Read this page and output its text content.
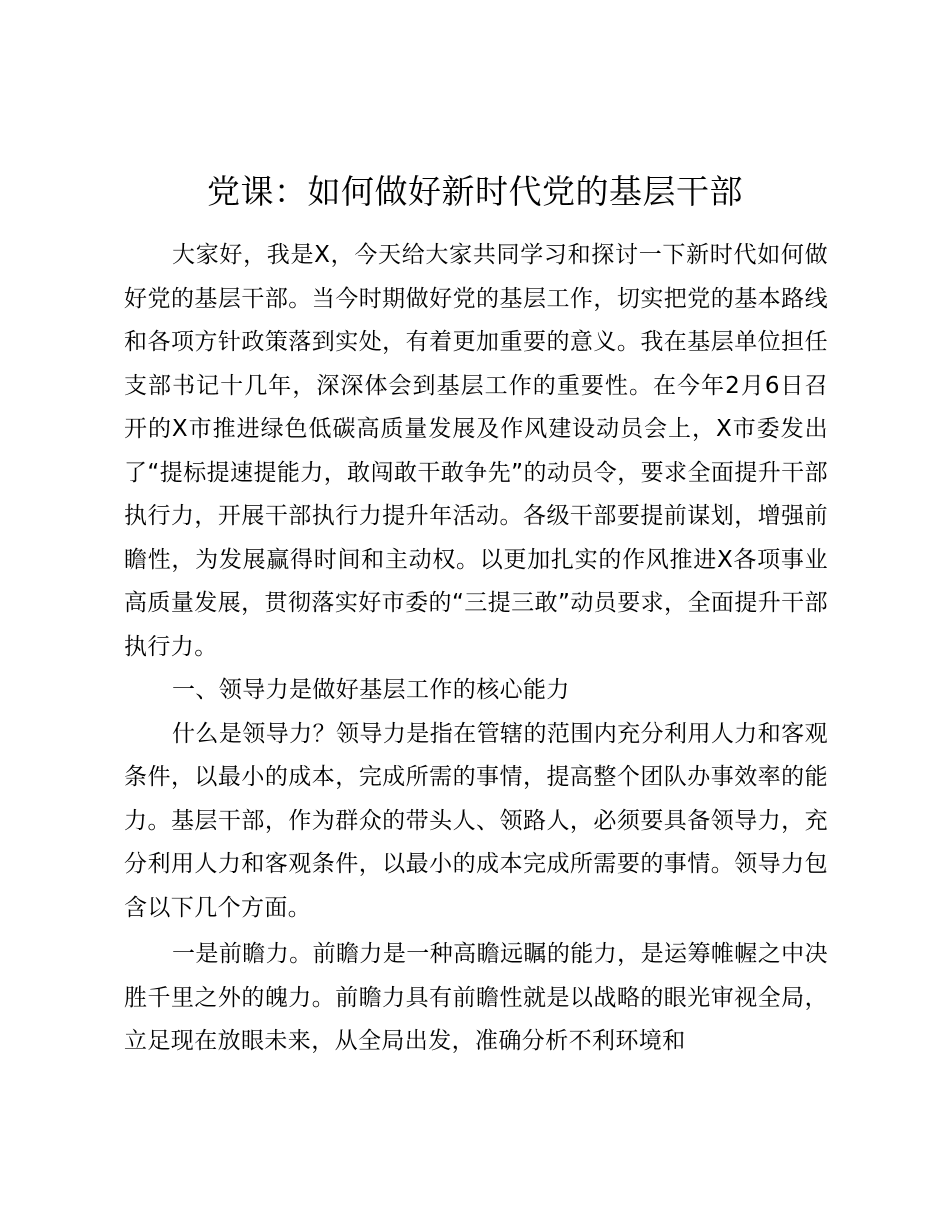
党课：如何做好新时代党的基层干部

大家好，我是X，今天给大家共同学习和探讨一下新时代如何做好党的基层干部。当今时期做好党的基层工作，切实把党的基本路线和各项方针政策落到实处，有着更加重要的意义。我在基层单位担任支部书记十几年，深深体会到基层工作的重要性。在今年2月6日召开的X市推进绿色低碳高质量发展及作风建设动员会上，X市委发出了“提标提速提能力，敢闯敢干敢争先”的动员令，要求全面提升干部执行力，开展干部执行力提升年活动。各级干部要提前谋划，增强前瞻性，为发展赢得时间和主动权。以更加扎实的作风推进X各项事业高质量发展，贯彻落实好市委的“三提三敢”动员要求，全面提升干部执行力。

一、领导力是做好基层工作的核心能力

什么是领导力？领导力是指在管辖的范围内充分利用人力和客观条件，以最小的成本，完成所需的事情，提高整个团队办事效率的能力。基层干部，作为群众的带头人、领路人，必须要具备领导力，充分利用人力和客观条件，以最小的成本完成所需要的事情。领导力包含以下几个方面。

一是前瞻力。前瞻力是一种高瞻远瞩的能力，是运筹帷幄之中决胜千里之外的魄力。前瞻力具有前瞻性就是以战略的眼光审视全局，立足现在放眼未来，从全局出发，准确分析不利环境和
